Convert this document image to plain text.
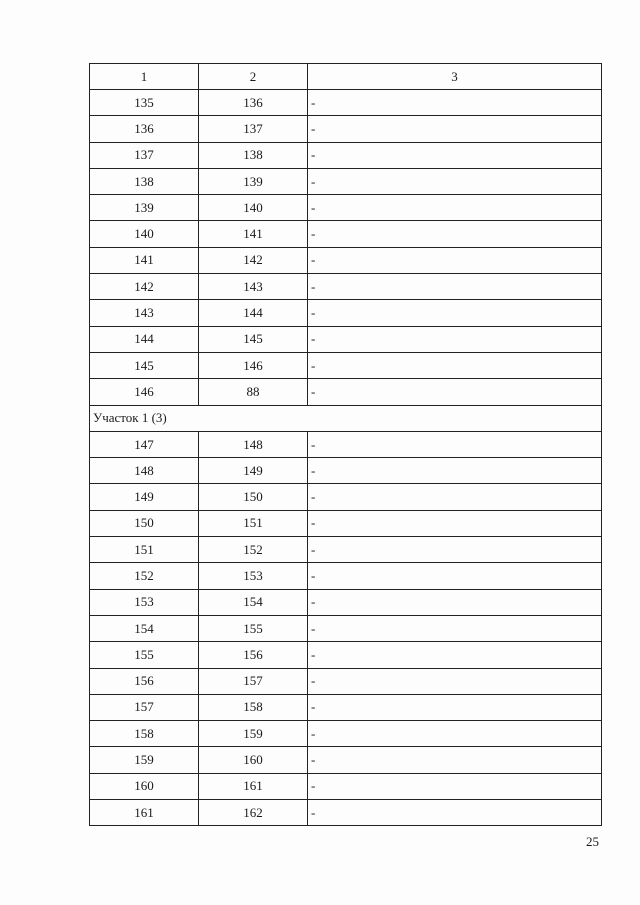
1	2	3
135	136	-
136	137	-
137	138	-
138	139	-
139	140	-
140	141	-
141	142	-
142	143	-
143	144	-
144	145	-
145	146	-
146	88	-
Участок 1 (3)		
147	148	-
148	149	-
149	150	-
150	151	-
151	152	-
152	153	-
153	154	-
154	155	-
155	156	-
156	157	-
157	158	-
158	159	-
159	160	-
160	161	-
161	162	-
25
